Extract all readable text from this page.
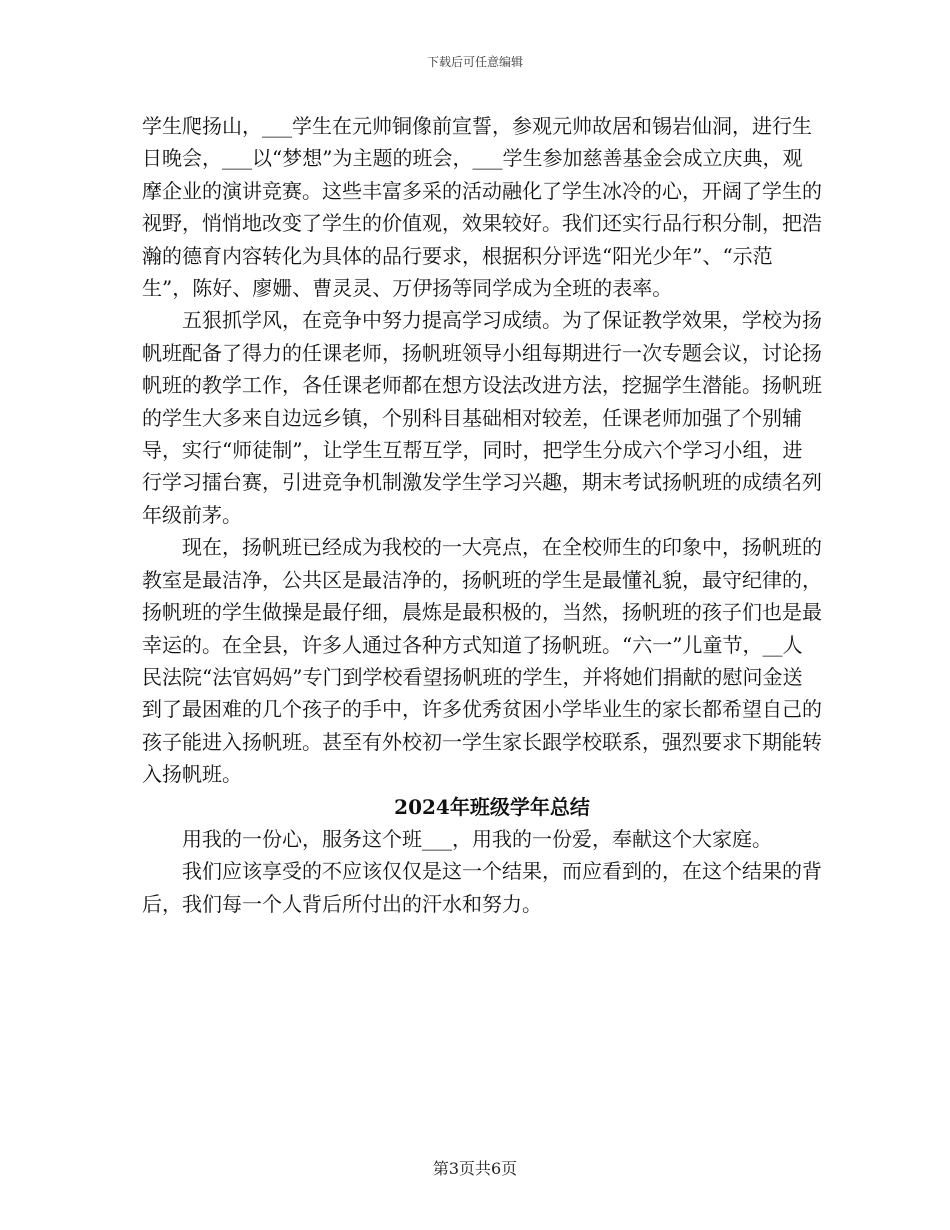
下载后可任意编辑

学生爬扬山，___学生在元帅铜像前宣誓，参观元帅故居和锡岩仙洞，进行生日晚会，___以“梦想”为主题的班会，___学生参加慈善基金会成立庆典，观摩企业的演讲竞赛。这些丰富多采的活动融化了学生冰冷的心，开阔了学生的视野，悄悄地改变了学生的价值观，效果较好。我们还实行品行积分制，把浩瀚的德育内容转化为具体的品行要求，根据积分评选“阳光少年”、“示范生”，陈好、廖姗、曹灵灵、万伊扬等同学成为全班的表率。

五狠抓学风，在竞争中努力提高学习成绩。为了保证教学效果，学校为扬帆班配备了得力的任课老师，扬帆班领导小组每期进行一次专题会议，讨论扬帆班的教学工作，各任课老师都在想方设法改进方法，挖掘学生潜能。扬帆班的学生大多来自边远乡镇，个别科目基础相对较差，任课老师加强了个别辅导，实行“师徒制”，让学生互帮互学，同时，把学生分成六个学习小组，进行学习擂台赛，引进竞争机制激发学生学习兴趣，期末考试扬帆班的成绩名列年级前茅。

现在，扬帆班已经成为我校的一大亮点，在全校师生的印象中，扬帆班的教室是最洁净，公共区是最洁净的，扬帆班的学生是最懂礼貌，最守纪律的，扬帆班的学生做操是最仔细，晨炼是最积极的，当然，扬帆班的孩子们也是最幸运的。在全县，许多人通过各种方式知道了扬帆班。“六一”儿童节，__人民法院“法官妈妈”专门到学校看望扬帆班的学生，并将她们捐献的慰问金送到了最困难的几个孩子的手中，许多优秀贫困小学毕业生的家长都希望自己的孩子能进入扬帆班。甚至有外校初一学生家长跟学校联系，强烈要求下期能转入扬帆班。

2024年班级学年总结

用我的一份心，服务这个班___，用我的一份爱，奉献这个大家庭。

我们应该享受的不应该仅仅是这一个结果，而应看到的，在这个结果的背后，我们每一个人背后所付出的汗水和努力。

第3页共6页
